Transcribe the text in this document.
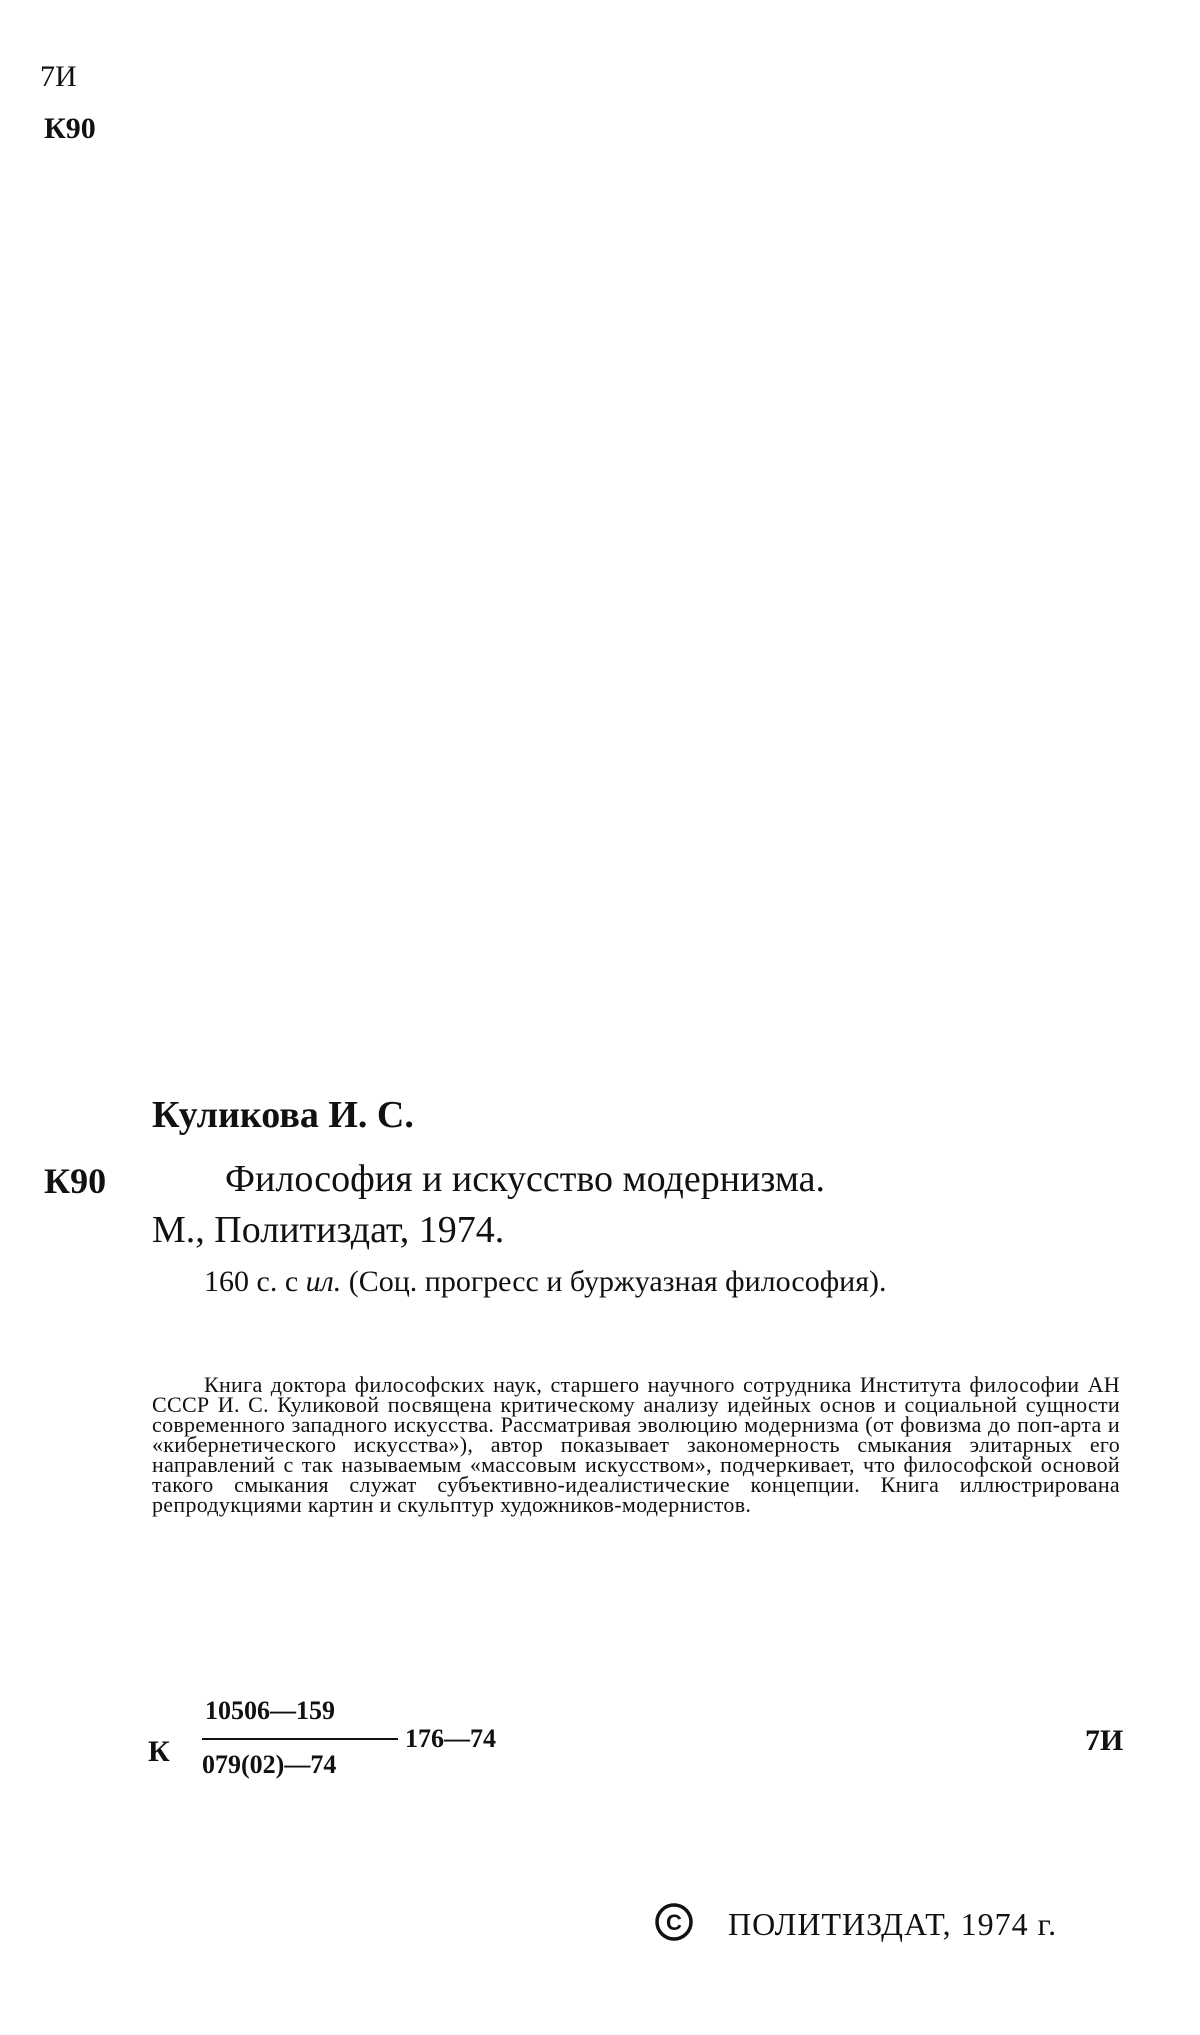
7И
К90
Куликова И. С.
К90	Философия и искусство модернизма.
М., Политиздат, 1974.
160 с. с ил. (Соц. прогресс и буржуазная философия).
Книга доктора философских наук, старшего научного сотрудника Института философии АН СССР И. С. Куликовой посвящена критическому анализу идейных основ и социальной сущности современного западного искусства. Рассматривая эволюцию модернизма (от фовизма до поп-арта и «кибернетического искусства»), автор показывает закономерность смыкания элитарных его направлений с так называемым «массовым искусством», подчеркивает, что философской основой такого смыкания служат субъективно-идеалистические концепции. Книга иллюстрирована репродукциями картин и скульптур художников-модернистов.
К
10506—159
079(02)—74
176—74	7И
C ПОЛИТИЗДАТ, 1974 г.
